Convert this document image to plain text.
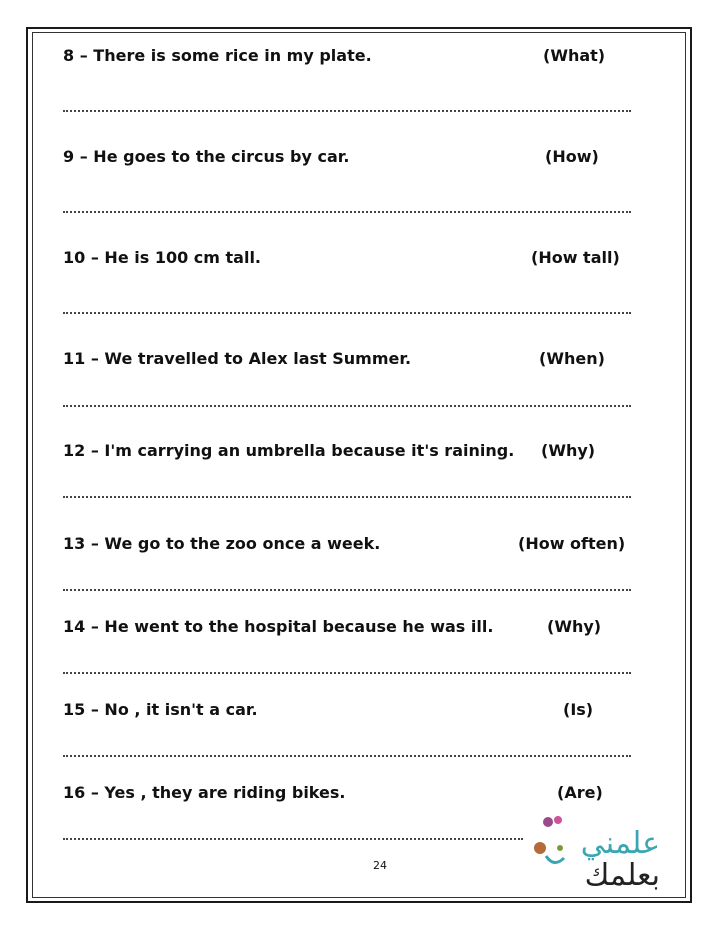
8 – There is some rice in my plate.	(What)
9 – He goes to the circus by car.	(How)
10 – He is 100 cm tall.	(How tall)
11 – We travelled to Alex last Summer.	(When)
12 – I'm carrying an umbrella because it's raining.	(Why)
13 – We go to the zoo once a week.	(How often)
14 – He went to the hospital because he was ill.	(Why)
15 – No , it isn't a car.	(Is)
16 – Yes , they are riding bikes.	(Are)
24
علمني
بعلمك
